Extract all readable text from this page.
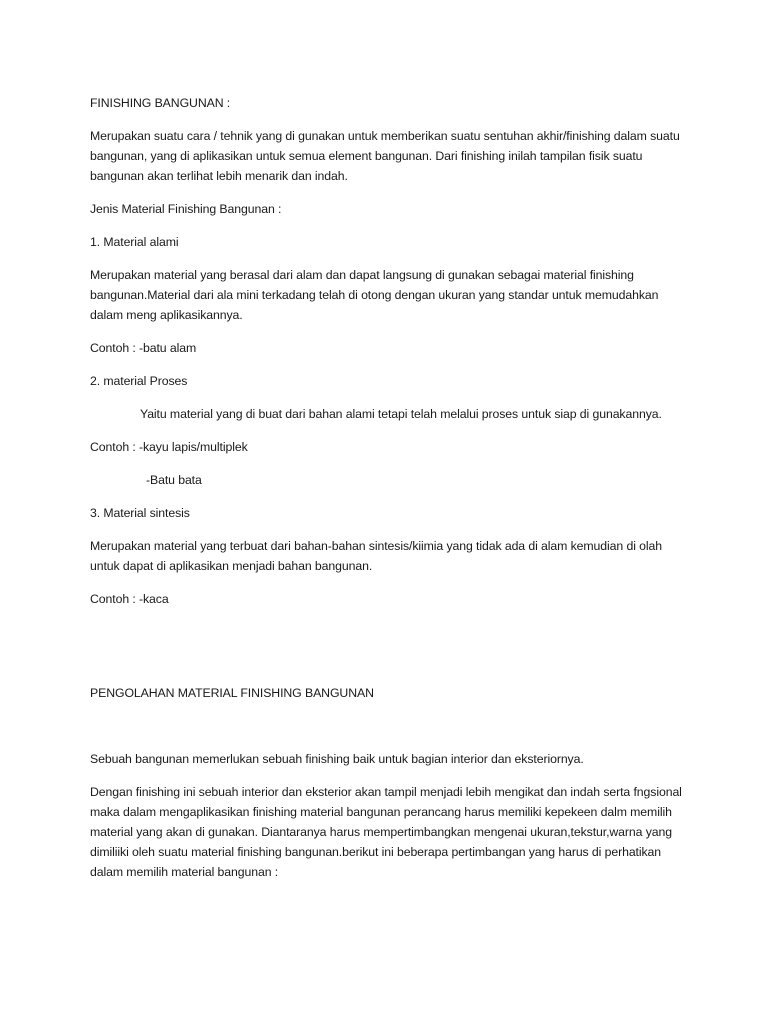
FINISHING BANGUNAN :

Merupakan suatu cara / tehnik yang di gunakan untuk memberikan suatu sentuhan akhir/finishing dalam suatu bangunan, yang di aplikasikan untuk semua element bangunan. Dari finishing inilah tampilan fisik suatu bangunan akan terlihat lebih menarik dan indah.

Jenis Material Finishing Bangunan :

1. Material alami

Merupakan material yang berasal dari alam dan dapat langsung di gunakan sebagai material finishing bangunan.Material dari ala mini terkadang telah di otong dengan ukuran yang standar untuk memudahkan dalam meng aplikasikannya.

Contoh : -batu alam

2. material Proses

Yaitu material yang di buat dari bahan alami tetapi telah melalui proses untuk siap di gunakannya.

Contoh : -kayu lapis/multiplek

-Batu bata

3. Material sintesis

Merupakan material yang terbuat dari bahan-bahan sintesis/kiimia yang tidak ada di alam kemudian di olah untuk dapat di aplikasikan menjadi bahan bangunan.

Contoh : -kaca

PENGOLAHAN MATERIAL FINISHING BANGUNAN

Sebuah bangunan memerlukan sebuah finishing baik untuk bagian interior dan eksteriornya.

Dengan finishing ini sebuah interior dan eksterior akan tampil menjadi lebih mengikat dan indah serta fngsional maka dalam mengaplikasikan finishing material bangunan perancang harus memiliki kepekeen dalm memilih material yang akan di gunakan. Diantaranya harus mempertimbangkan mengenai ukuran,tekstur,warna yang dimiliiki oleh suatu material finishing bangunan.berikut ini beberapa pertimbangan yang harus di perhatikan dalam memilih material bangunan :
